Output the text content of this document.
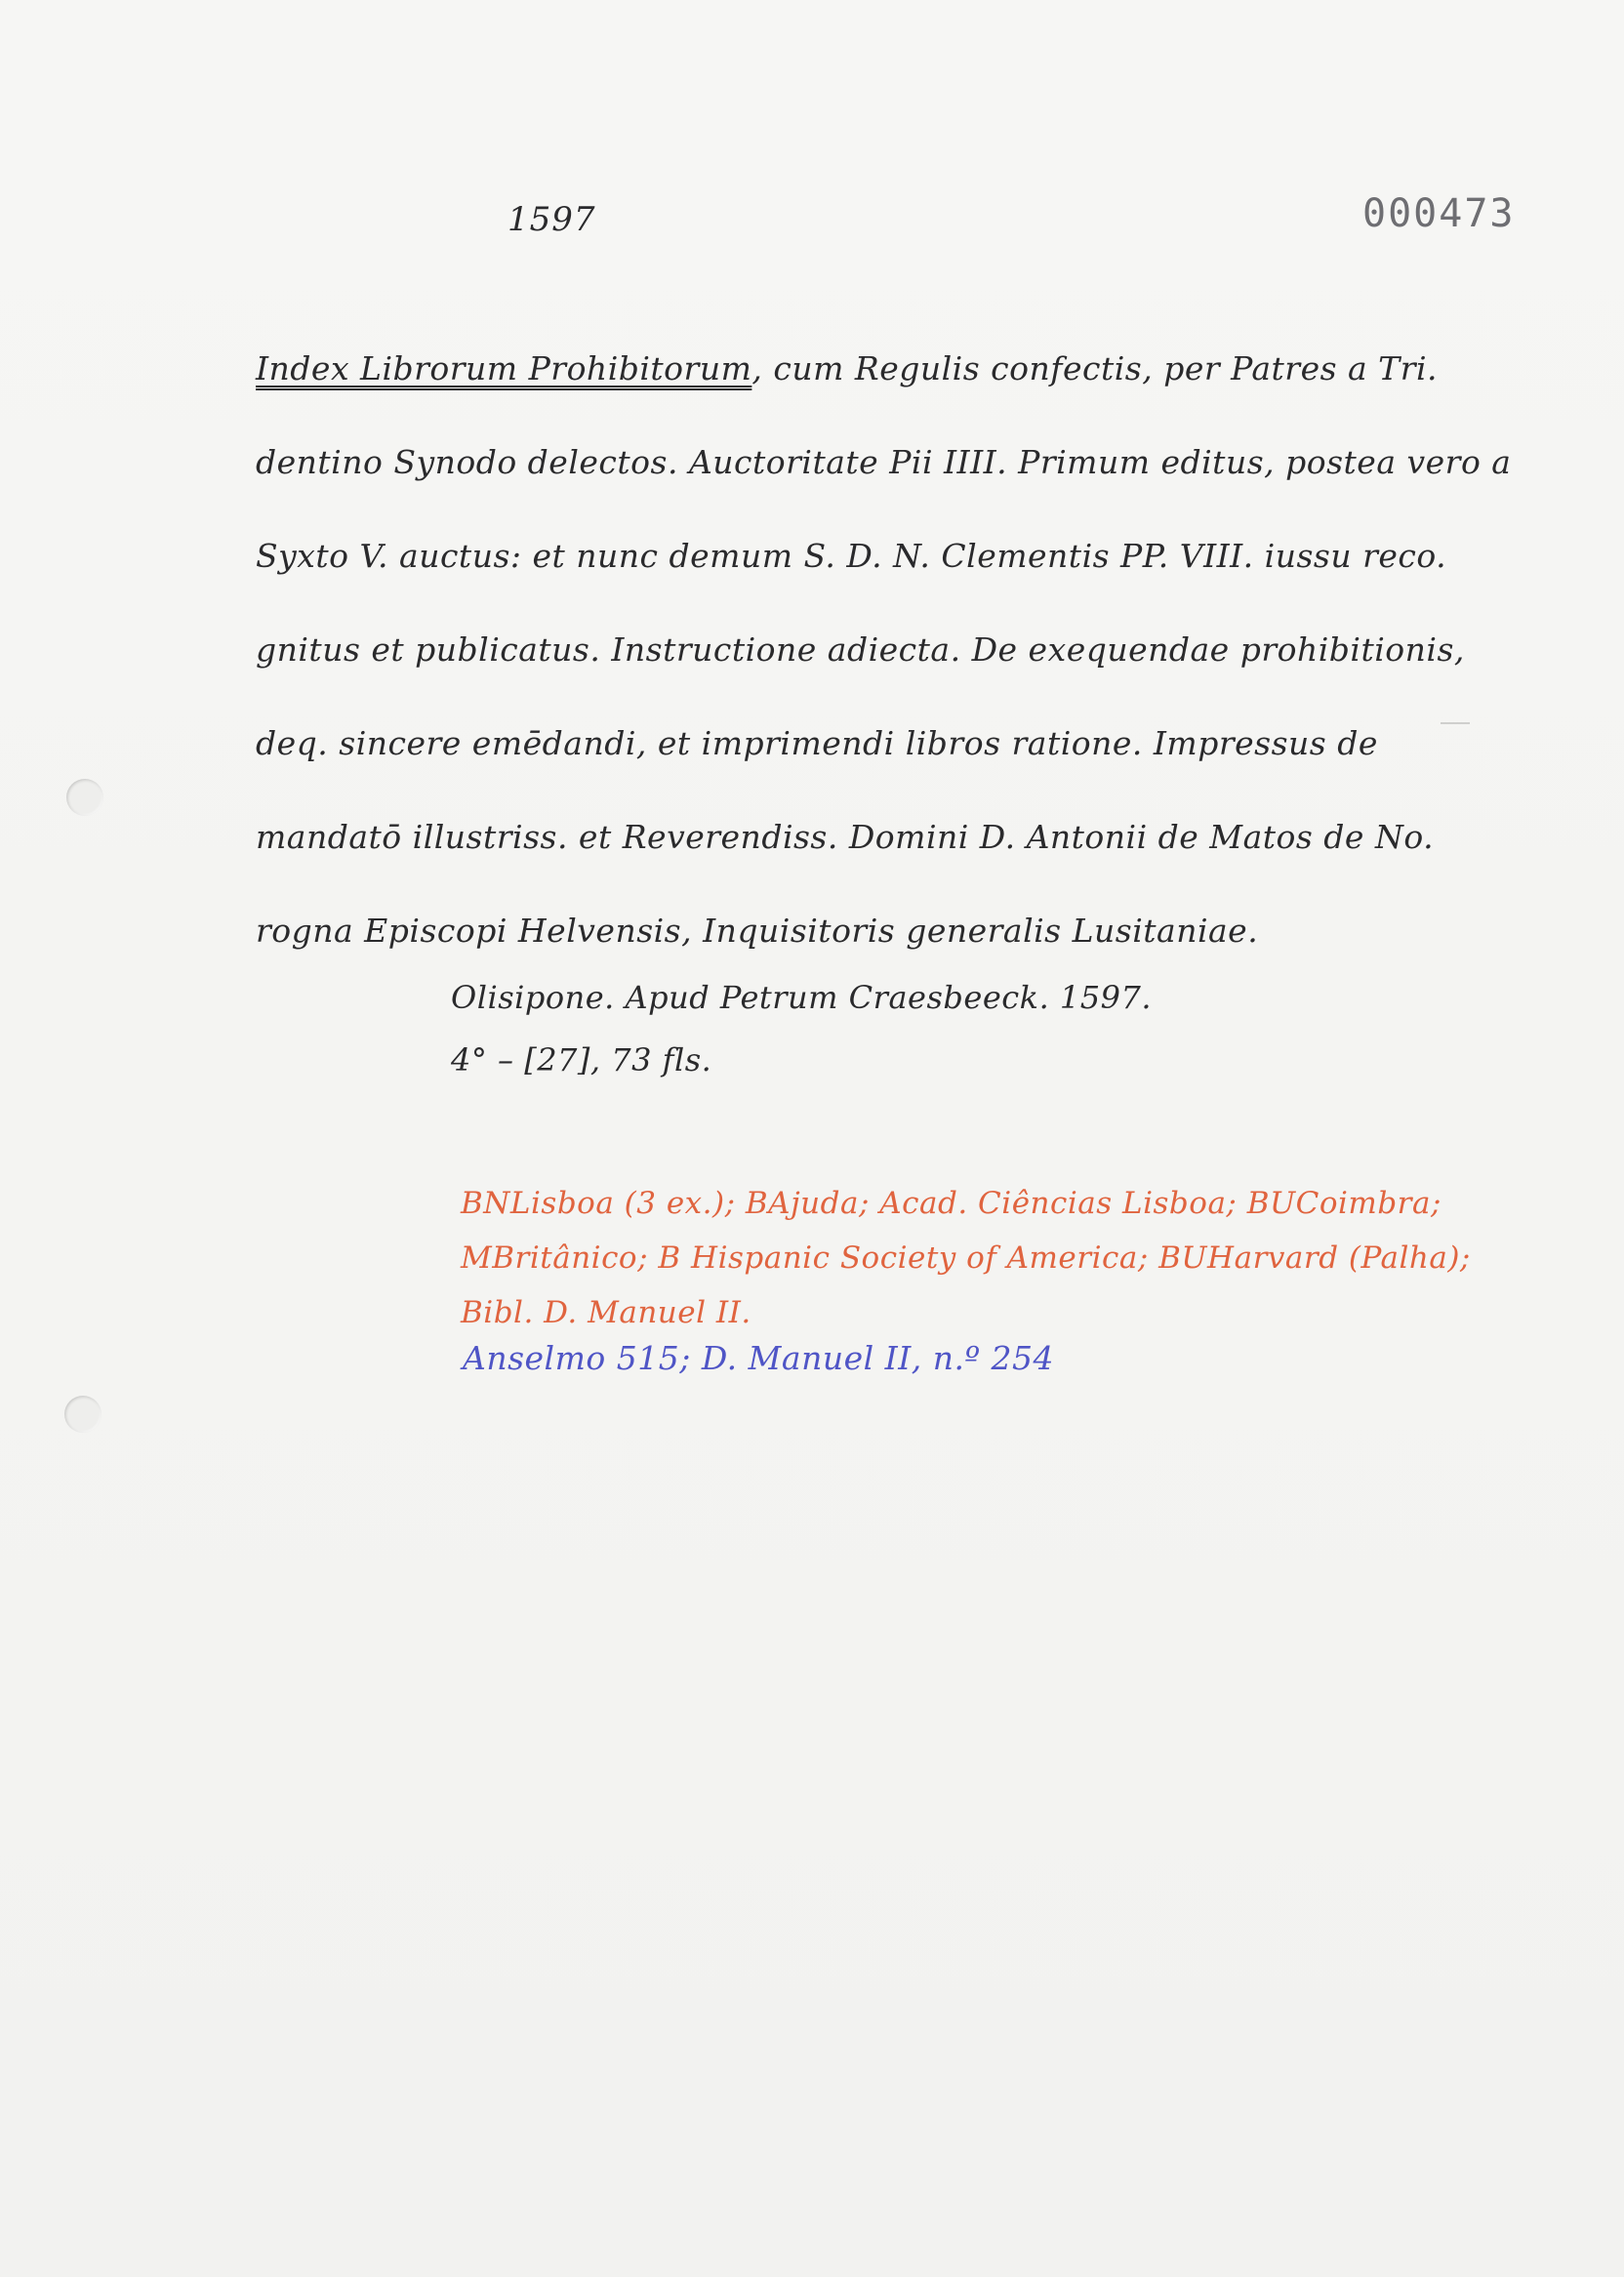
1597	000473
Index Librorum Prohibitorum, cum Regulis confectis, per Patres a Tri.
dentino Synodo delectos. Auctoritate Pii IIII. Primum editus, postea vero a
Syxto V. auctus: et nunc demum S. D. N. Clementis PP. VIII. iussu reco.
gnitus et publicatus. Instructione adiecta. De exequendae prohibitionis,
deq. sincere emēdandi, et imprimendi libros ratione. Impressus de
mandatō illustriss. et Reverendiss. Domini D. Antonii de Matos de No.
rogna Episcopi Helvensis, Inquisitoris generalis Lusitaniae.
Olisipone. Apud Petrum Craesbeeck. 1597.
4° – [27], 73 fls.
BNLisboa (3 ex.); BAjuda; Acad. Ciências Lisboa; BUCoimbra;
MBritânico; B Hispanic Society of America; BUHarvard (Palha);
Bibl. D. Manuel II.
Anselmo 515; D. Manuel II, n.º 254
